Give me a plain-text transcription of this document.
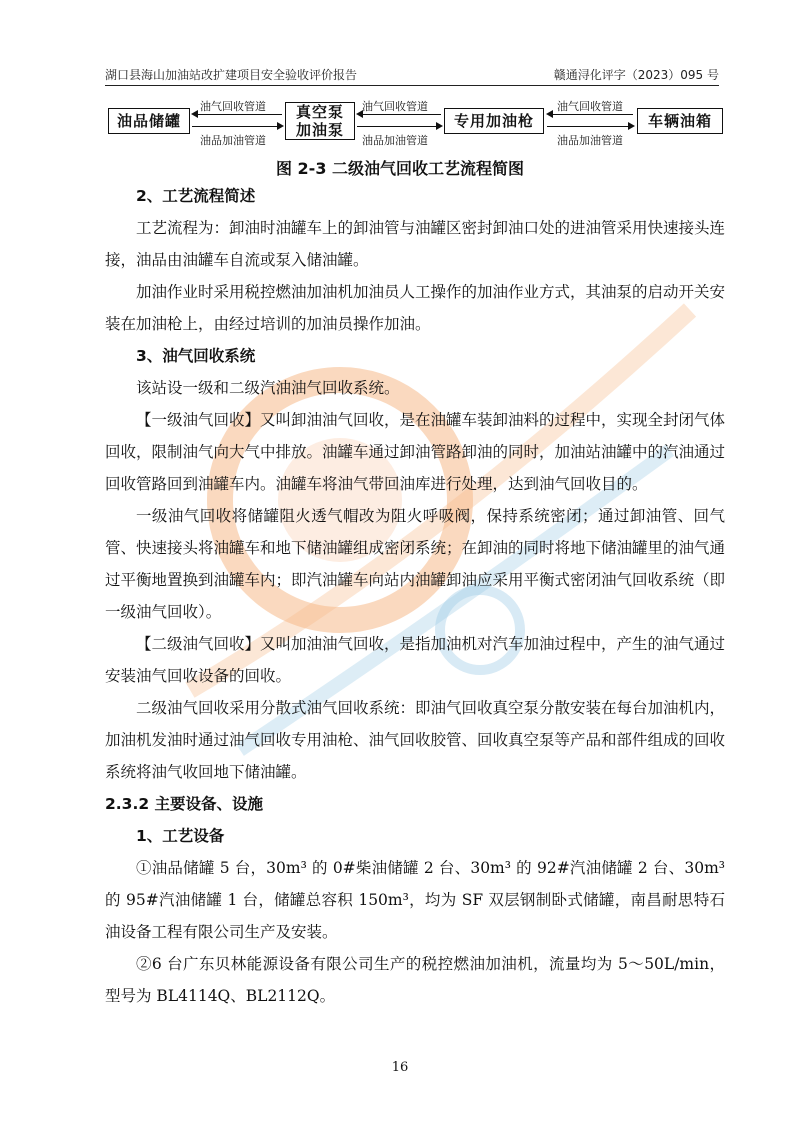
湖口县海山加油站改扩建项目安全验收评价报告	赣通浔化评字（2023）095 号
油品储罐	真空泵
加油泵	专用加油枪	车辆油箱
油气回收管道
油品加油管道
油气回收管道
油品加油管道
油气回收管道
油品加油管道
图 2-3 二级油气回收工艺流程简图

2、工艺流程简述

工艺流程为：卸油时油罐车上的卸油管与油罐区密封卸油口处的进油管采用快速接头连接，油品由油罐车自流或泵入储油罐。

加油作业时采用税控燃油加油机加油员人工操作的加油作业方式，其油泵的启动开关安装在加油枪上，由经过培训的加油员操作加油。

3、油气回收系统

该站设一级和二级汽油油气回收系统。

【一级油气回收】又叫卸油油气回收，是在油罐车装卸油料的过程中，实现全封闭气体回收，限制油气向大气中排放。油罐车通过卸油管路卸油的同时，加油站油罐中的汽油通过回收管路回到油罐车内。油罐车将油气带回油库进行处理，达到油气回收目的。

一级油气回收将储罐阻火透气帽改为阻火呼吸阀，保持系统密闭；通过卸油管、回气管、快速接头将油罐车和地下储油罐组成密闭系统；在卸油的同时将地下储油罐里的油气通过平衡地置换到油罐车内；即汽油罐车向站内油罐卸油应采用平衡式密闭油气回收系统（即一级油气回收）。

【二级油气回收】又叫加油油气回收，是指加油机对汽车加油过程中，产生的油气通过安装油气回收设备的回收。

二级油气回收采用分散式油气回收系统：即油气回收真空泵分散安装在每台加油机内，加油机发油时通过油气回收专用油枪、油气回收胶管、回收真空泵等产品和部件组成的回收系统将油气收回地下储油罐。

2.3.2 主要设备、设施

1、工艺设备

①油品储罐 5 台，30m³ 的 0#柴油储罐 2 台、30m³ 的 92#汽油储罐 2 台、30m³ 的 95#汽油储罐 1 台，储罐总容积 150m³，均为 SF 双层钢制卧式储罐，南昌耐思特石油设备工程有限公司生产及安装。

②6 台广东贝林能源设备有限公司生产的税控燃油加油机，流量均为 5～50L/min，型号为 BL4114Q、BL2112Q。

16
